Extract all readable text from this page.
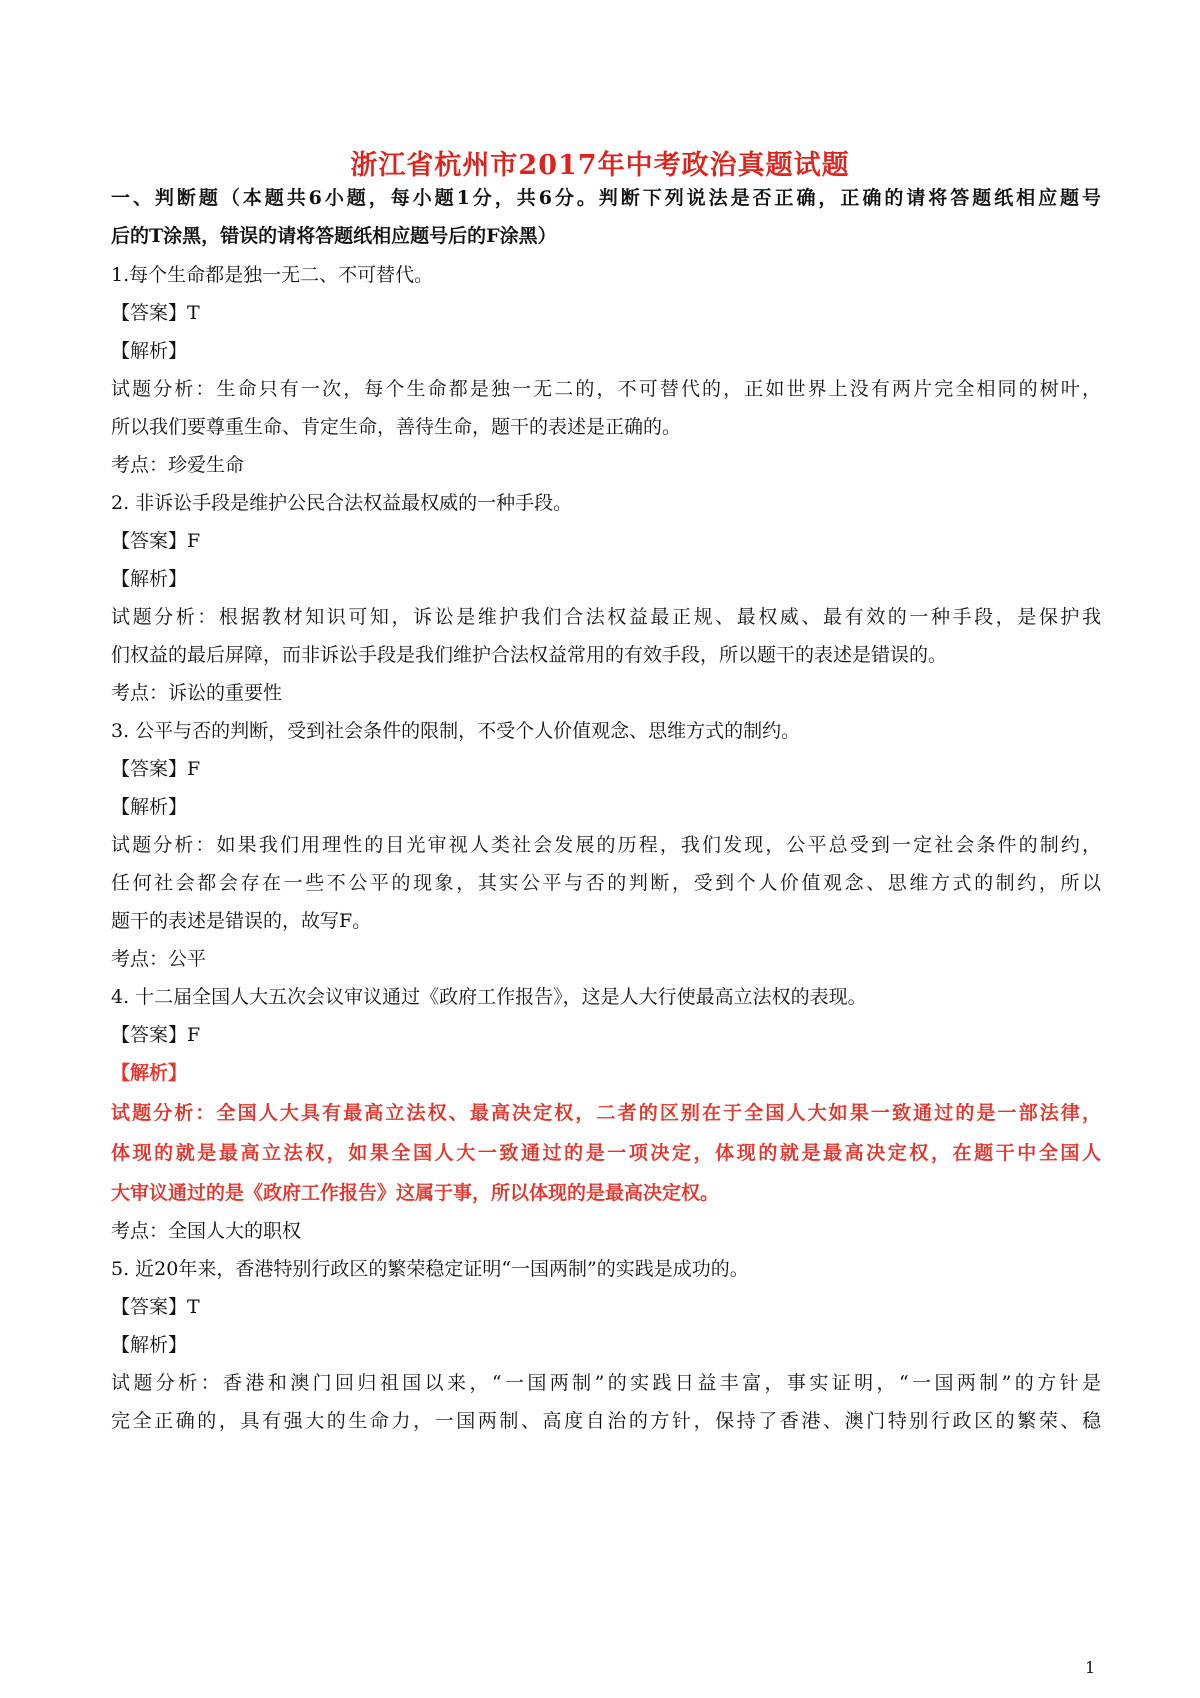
浙江省杭州市2017年中考政治真题试题
一、判断题（本题共6小题，每小题1分，共6分。判断下列说法是否正确，正确的请将答题纸相应题号
后的T涂黑，错误的请将答题纸相应题号后的F涂黑）
1.每个生命都是独一无二、不可替代。
【答案】T
【解析】
试题分析：生命只有一次，每个生命都是独一无二的，不可替代的，正如世界上没有两片完全相同的树叶，
所以我们要尊重生命、肯定生命，善待生命，题干的表述是正确的。
考点：珍爱生命
2. 非诉讼手段是维护公民合法权益最权威的一种手段。
【答案】F
【解析】
试题分析：根据教材知识可知，诉讼是维护我们合法权益最正规、最权威、最有效的一种手段，是保护我
们权益的最后屏障，而非诉讼手段是我们维护合法权益常用的有效手段，所以题干的表述是错误的。
考点：诉讼的重要性
3. 公平与否的判断，受到社会条件的限制，不受个人价值观念、思维方式的制约。
【答案】F
【解析】
试题分析：如果我们用理性的目光审视人类社会发展的历程，我们发现，公平总受到一定社会条件的制约，
任何社会都会存在一些不公平的现象，其实公平与否的判断，受到个人价值观念、思维方式的制约，所以
题干的表述是错误的，故写F。
考点：公平
4. 十二届全国人大五次会议审议通过《政府工作报告》，这是人大行使最高立法权的表现。
【答案】F
【解析】
试题分析：全国人大具有最高立法权、最高决定权，二者的区别在于全国人大如果一致通过的是一部法律，
体现的就是最高立法权，如果全国人大一致通过的是一项决定，体现的就是最高决定权，在题干中全国人
大审议通过的是《政府工作报告》这属于事，所以体现的是最高决定权。
考点：全国人大的职权
5. 近20年来，香港特别行政区的繁荣稳定证明“一国两制”的实践是成功的。
【答案】T
【解析】
试题分析：香港和澳门回归祖国以来，“一国两制”的实践日益丰富，事实证明，“一国两制”的方针是
完全正确的，具有强大的生命力，一国两制、高度自治的方针，保持了香港、澳门特别行政区的繁荣、稳
1
